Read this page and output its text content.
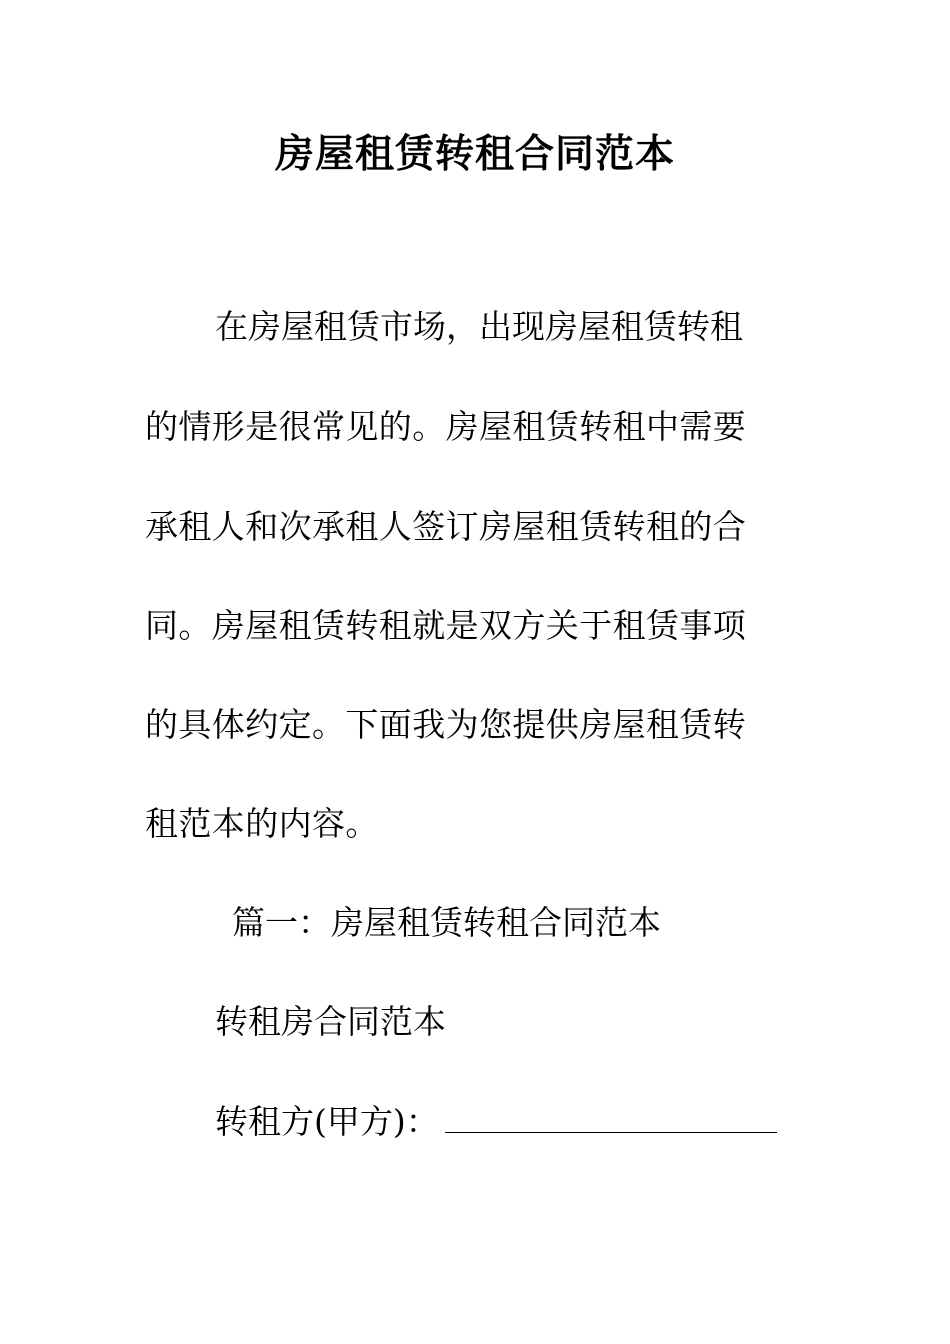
房屋租赁转租合同范本
在房屋租赁市场，出现房屋租赁转租
的情形是很常见的。房屋租赁转租中需要
承租人和次承租人签订房屋租赁转租的合
同。房屋租赁转租就是双方关于租赁事项
的具体约定。下面我为您提供房屋租赁转
租范本的内容。
篇一：房屋租赁转租合同范本
转租房合同范本
转租方(甲方)：
